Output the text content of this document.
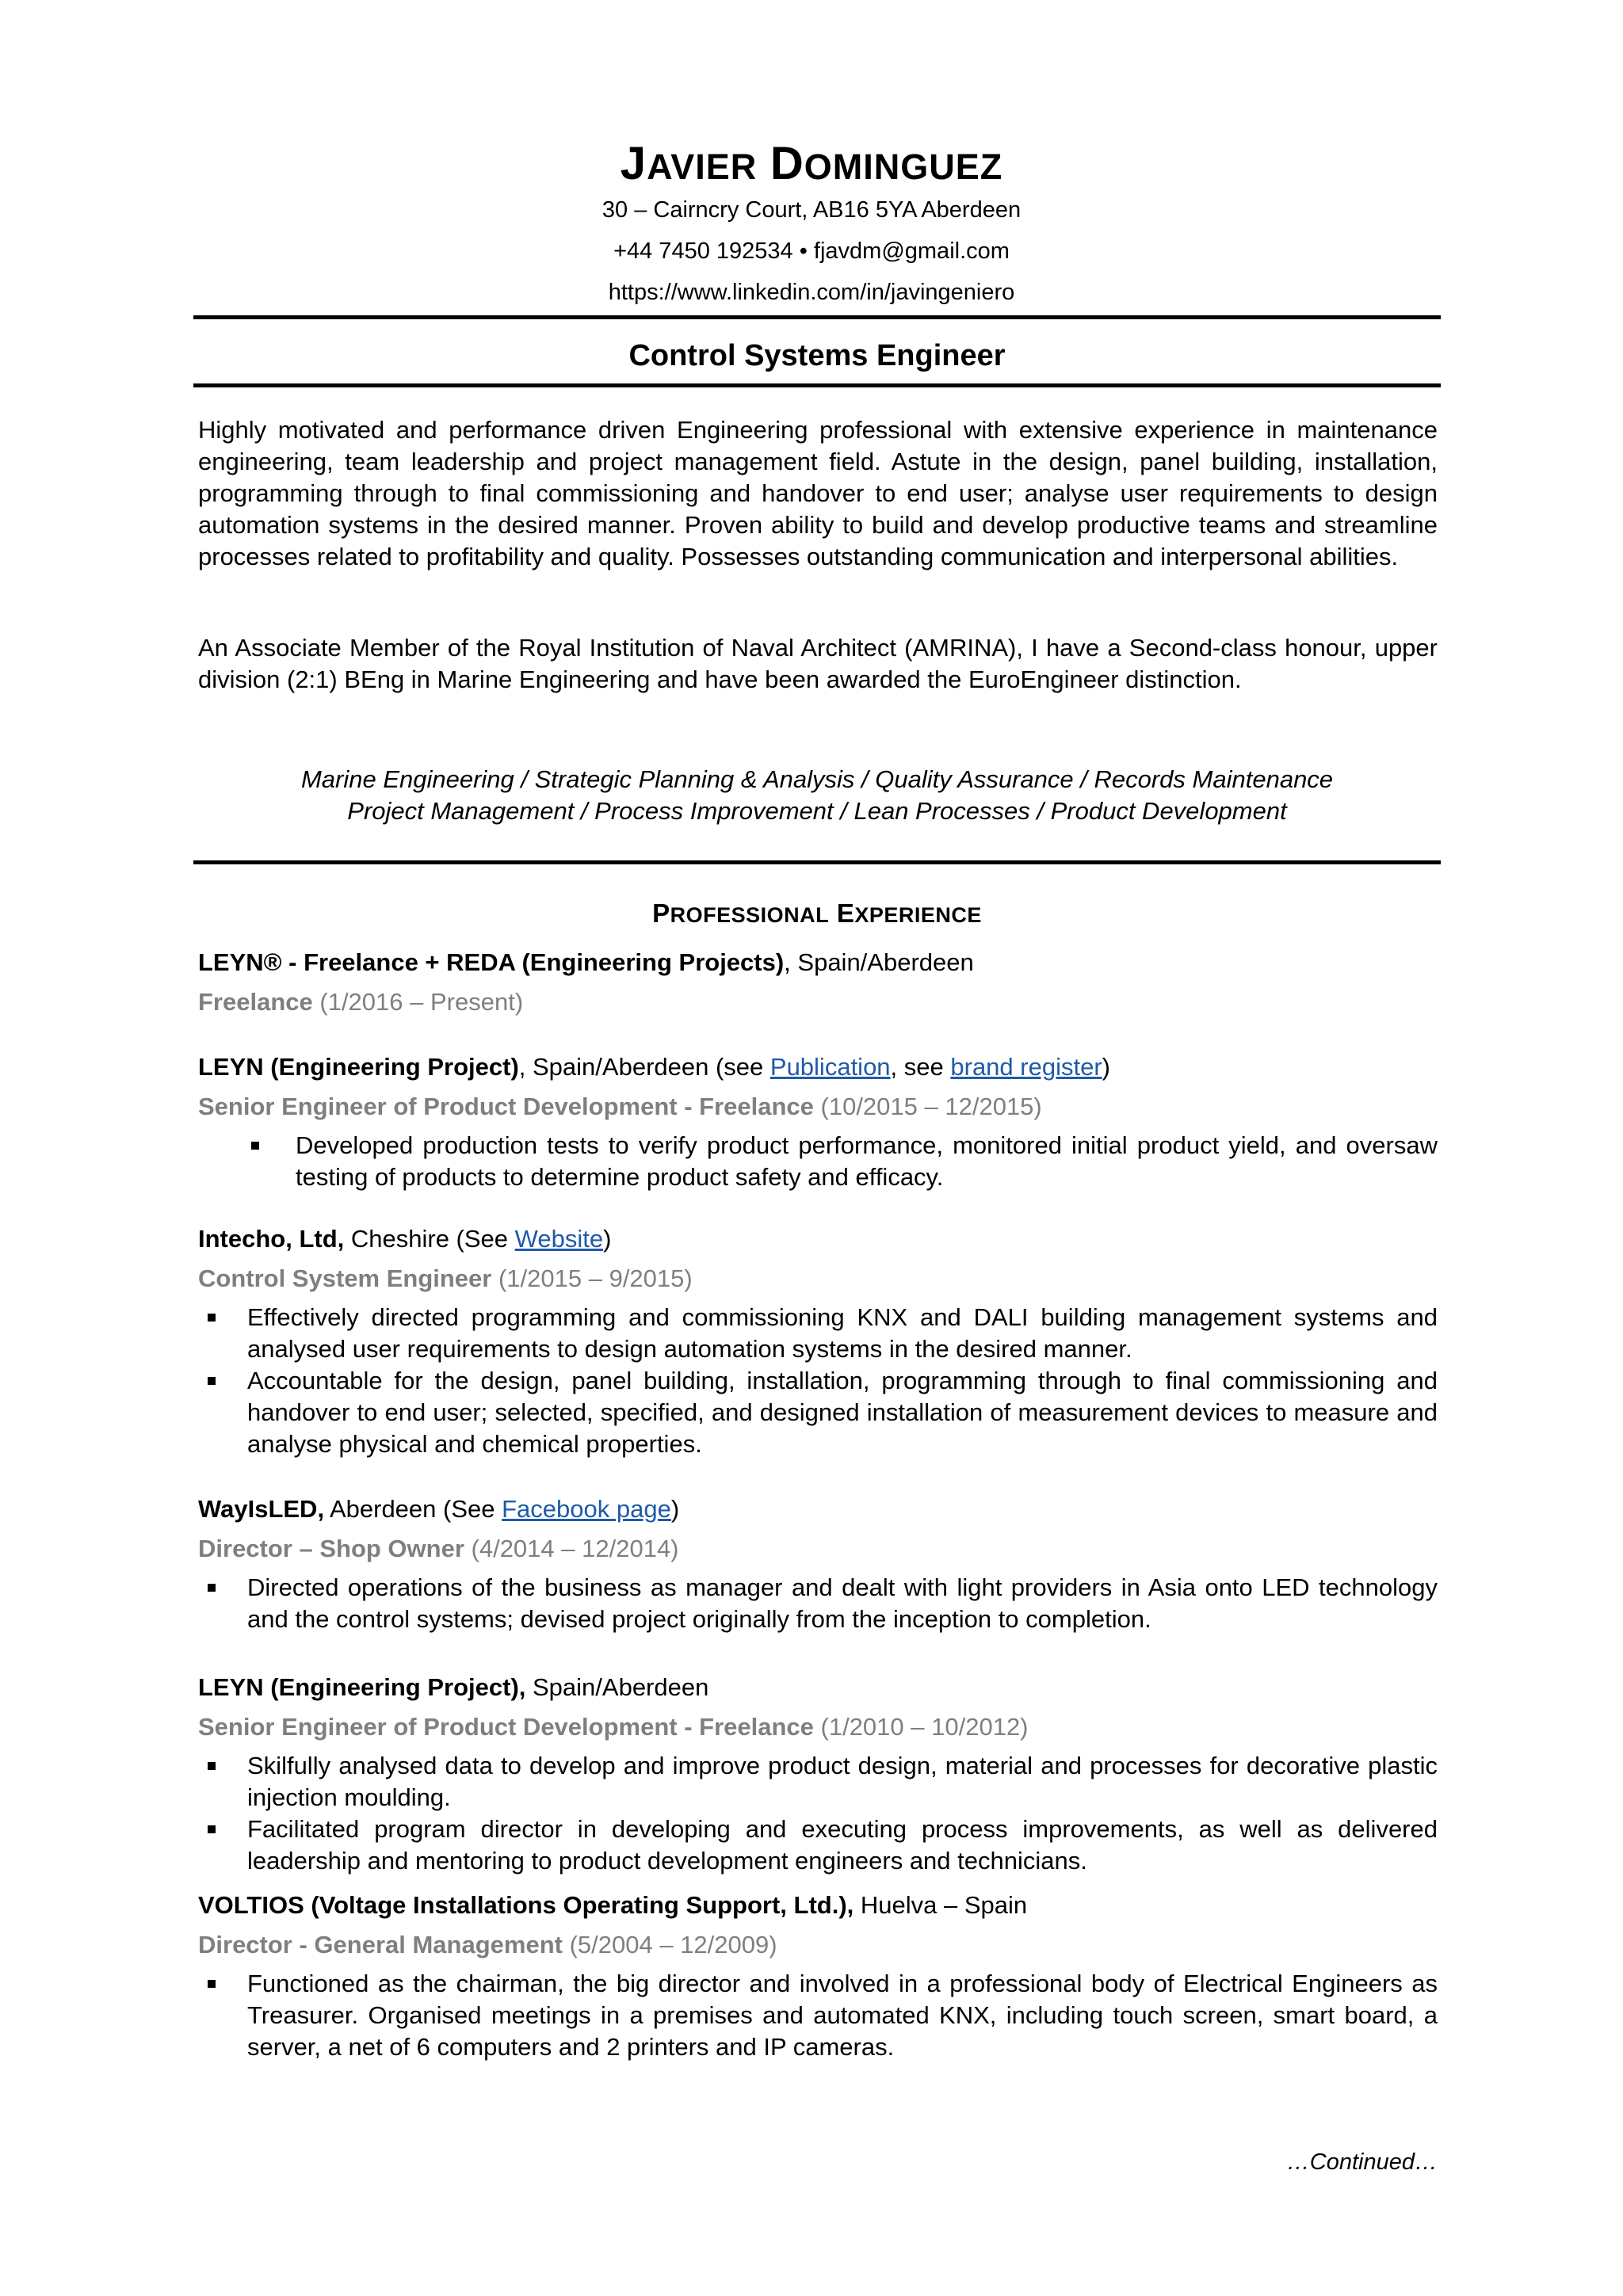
JAVIER DOMINGUEZ
30 – Cairncry Court, AB16 5YA Aberdeen
+44 7450 192534 • fjavdm@gmail.com
https://www.linkedin.com/in/javingeniero
Control Systems Engineer
Highly motivated and performance driven Engineering professional with extensive experience in maintenance engineering, team leadership and project management field. Astute in the design, panel building, installation, programming through to final commissioning and handover to end user; analyse user requirements to design automation systems in the desired manner. Proven ability to build and develop productive teams and streamline processes related to profitability and quality. Possesses outstanding communication and interpersonal abilities.
An Associate Member of the Royal Institution of Naval Architect (AMRINA), I have a Second-class honour, upper division (2:1) BEng in Marine Engineering and have been awarded the EuroEngineer distinction.
Marine Engineering / Strategic Planning & Analysis / Quality Assurance / Records Maintenance
Project Management / Process Improvement / Lean Processes / Product Development
PROFESSIONAL EXPERIENCE
LEYN® - Freelance + REDA (Engineering Projects), Spain/Aberdeen
Freelance (1/2016 – Present)
LEYN (Engineering Project), Spain/Aberdeen (see Publication, see brand register)
Senior Engineer of Product Development - Freelance (10/2015 – 12/2015)
Developed production tests to verify product performance, monitored initial product yield, and oversaw testing of products to determine product safety and efficacy.
Intecho, Ltd, Cheshire (See Website)
Control System Engineer (1/2015 – 9/2015)
Effectively directed programming and commissioning KNX and DALI building management systems and analysed user requirements to design automation systems in the desired manner.
Accountable for the design, panel building, installation, programming through to final commissioning and handover to end user; selected, specified, and designed installation of measurement devices to measure and analyse physical and chemical properties.
WayIsLED, Aberdeen (See Facebook page)
Director – Shop Owner (4/2014 – 12/2014)
Directed operations of the business as manager and dealt with light providers in Asia onto LED technology and the control systems; devised project originally from the inception to completion.
LEYN (Engineering Project), Spain/Aberdeen
Senior Engineer of Product Development - Freelance (1/2010 – 10/2012)
Skilfully analysed data to develop and improve product design, material and processes for decorative plastic injection moulding.
Facilitated program director in developing and executing process improvements, as well as delivered leadership and mentoring to product development engineers and technicians.
VOLTIOS (Voltage Installations Operating Support, Ltd.), Huelva – Spain
Director - General Management (5/2004 – 12/2009)
Functioned as the chairman, the big director and involved in a professional body of Electrical Engineers as Treasurer. Organised meetings in a premises and automated KNX, including touch screen, smart board, a server, a net of 6 computers and 2 printers and IP cameras.
…Continued…
